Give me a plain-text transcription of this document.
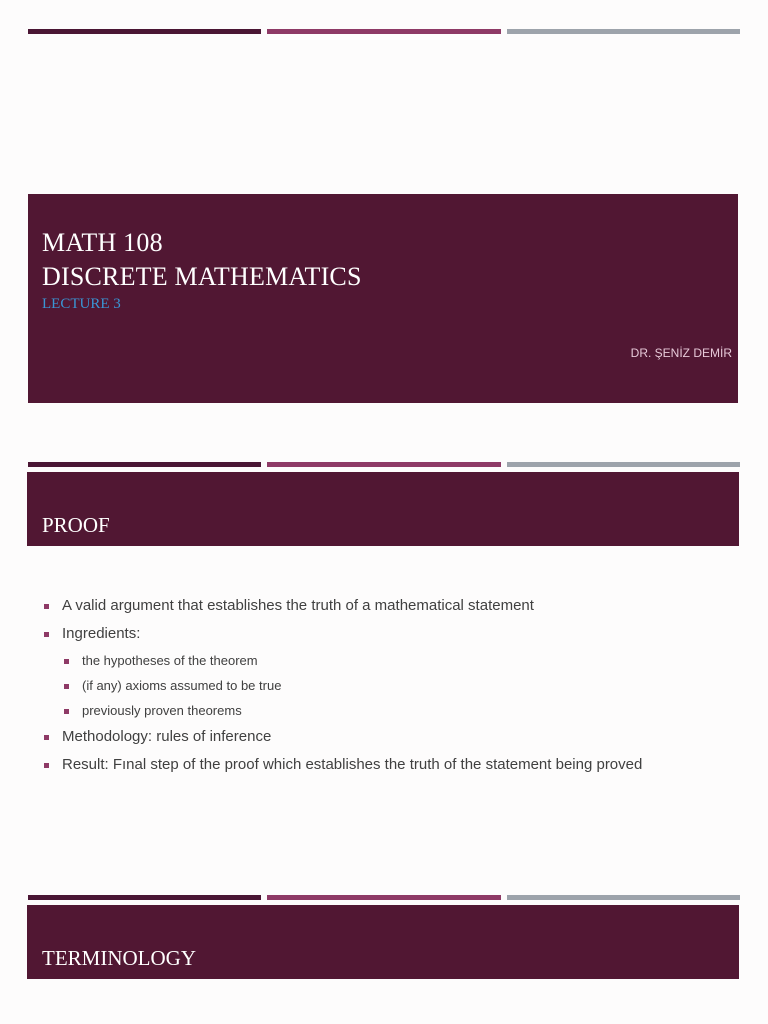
MATH 108
DISCRETE MATHEMATICS
LECTURE 3
DR. ŞENİZ DEMİR
PROOF
A valid argument that establishes the truth of a mathematical statement
Ingredients:
the hypotheses of the theorem
(if any) axioms assumed to be true
previously proven theorems
Methodology: rules of inference
Result: Fınal step of the proof which establishes the truth of the statement being proved
TERMINOLOGY
